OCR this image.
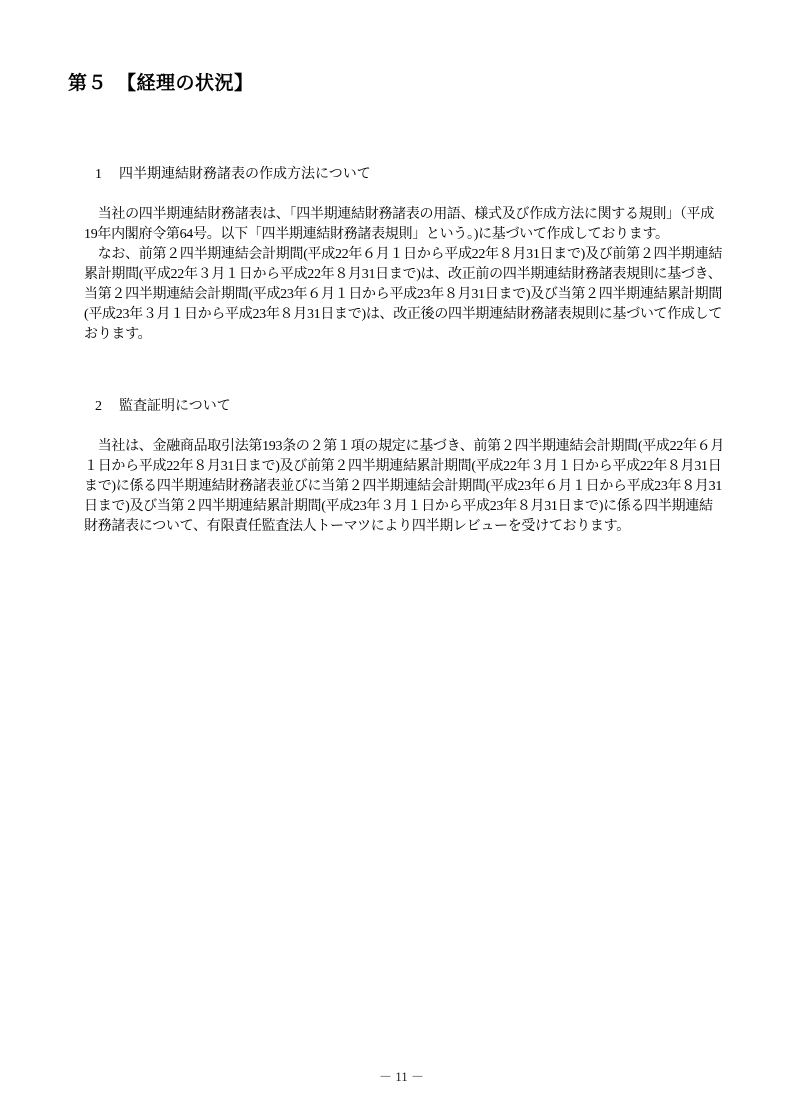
第５　【経理の状況】

1 四半期連結財務諸表の作成方法について

　当社の四半期連結財務諸表は、「四半期連結財務諸表の用語、様式及び作成方法に関する規則」（平成
19年内閣府令第64号。以下「四半期連結財務諸表規則」という。)に基づいて作成しております。
　なお、前第２四半期連結会計期間(平成22年６月１日から平成22年８月31日まで)及び前第２四半期連結
累計期間(平成22年３月１日から平成22年８月31日まで)は、改正前の四半期連結財務諸表規則に基づき、
当第２四半期連結会計期間(平成23年６月１日から平成23年８月31日まで)及び当第２四半期連結累計期間
(平成23年３月１日から平成23年８月31日まで)は、改正後の四半期連結財務諸表規則に基づいて作成して
おります。

2 監査証明について

　当社は、金融商品取引法第193条の２第１項の規定に基づき、前第２四半期連結会計期間(平成22年６月
１日から平成22年８月31日まで)及び前第２四半期連結累計期間(平成22年３月１日から平成22年８月31日
まで)に係る四半期連結財務諸表並びに当第２四半期連結会計期間(平成23年６月１日から平成23年８月31
日まで)及び当第２四半期連結累計期間(平成23年３月１日から平成23年８月31日まで)に係る四半期連結
財務諸表について、有限責任監査法人トーマツにより四半期レビューを受けております。

－ 11 －
